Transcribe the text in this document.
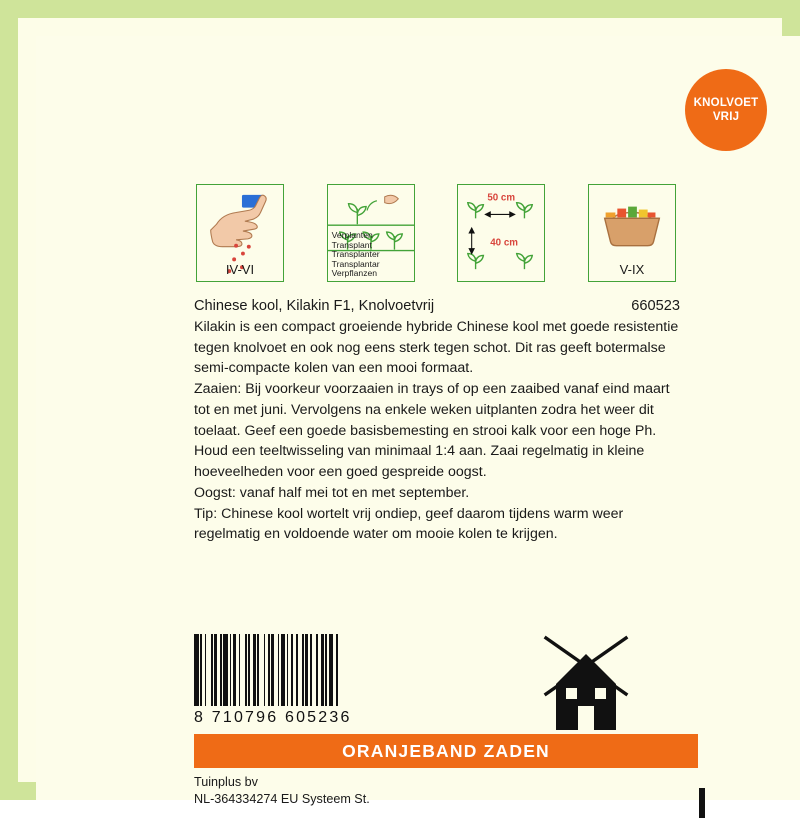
KNOLVOET
VRIJ
IV-VI
Verplanten
Transplant
Transplanter
Transplantar
Verpflanzen
50 cm
40 cm
V-IX
Chinese kool, Kilakin F1, Knolvoetvrij	660523

Kilakin is een compact groeiende hybride Chinese kool met goede resistentie tegen knolvoet en ook nog eens sterk tegen schot. Dit ras geeft botermalse semi-compacte kolen van een mooi formaat.

Zaaien: Bij voorkeur voorzaaien in trays of op een zaaibed vanaf eind maart tot en met juni. Vervolgens na enkele weken uitplanten zodra het weer dit toelaat. Geef een goede basisbemesting en strooi kalk voor een hoge Ph. Houd een teeltwisseling van minimaal 1:4 aan. Zaai regelmatig in kleine hoeveelheden voor een goed gespreide oogst.

Oogst: vanaf half mei tot en met september.

Tip: Chinese kool wortelt vrij ondiep, geef daarom tijdens warm weer regelmatig en voldoende water om mooie kolen te krijgen.

8 710796 605236
ORANJEBAND ZADEN
Tuinplus bv
NL-364334274 EU Systeem St.
